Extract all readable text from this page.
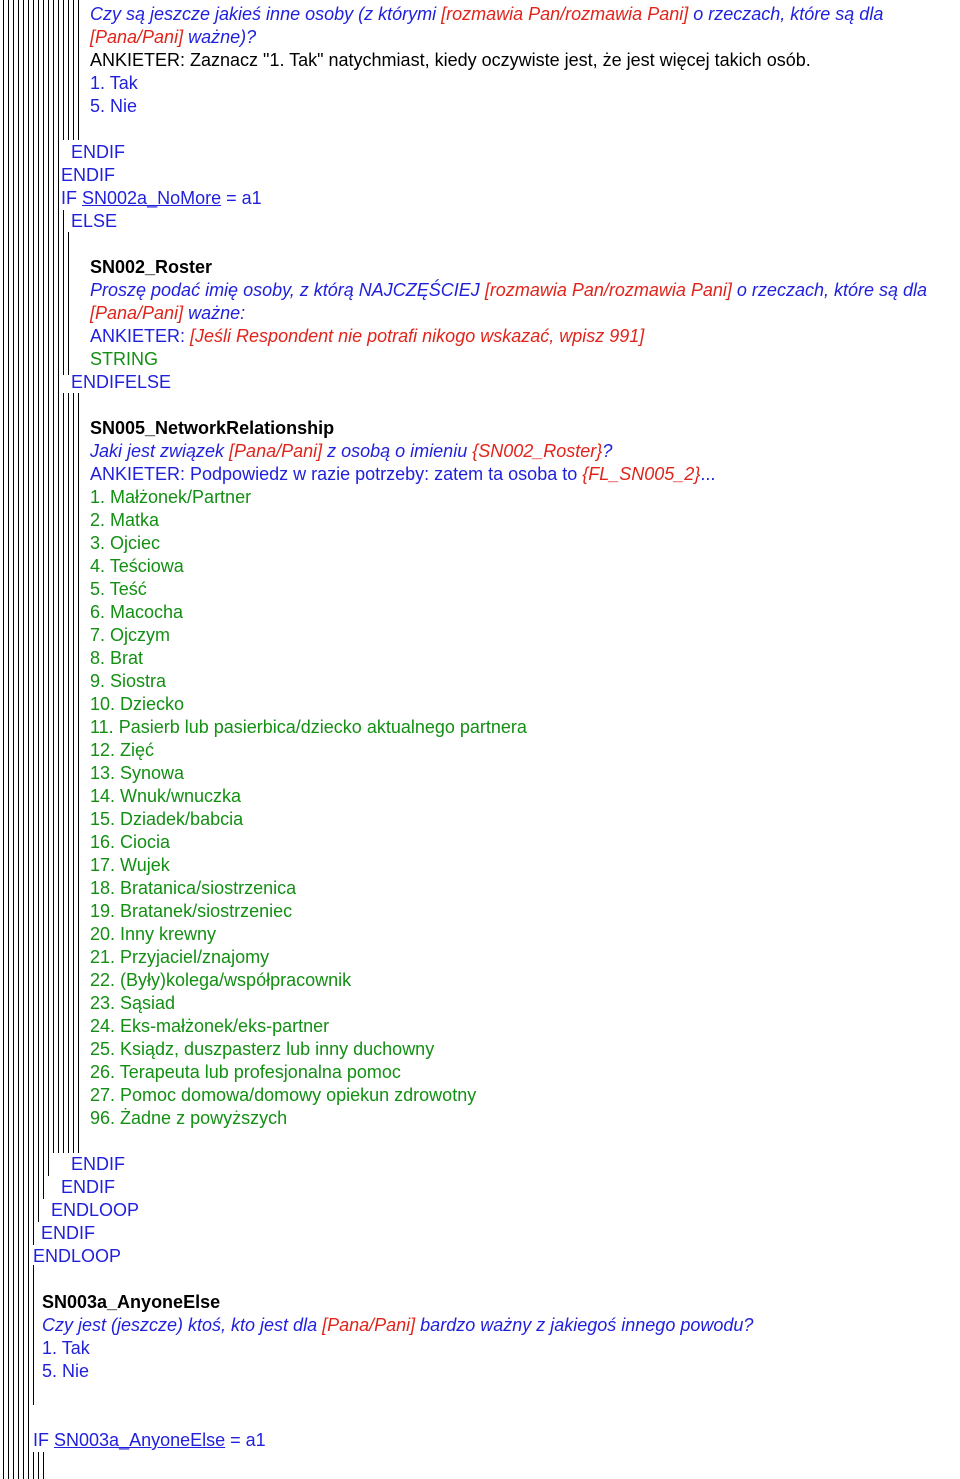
Czy są jeszcze jakieś inne osoby (z którymi [rozmawia Pan/rozmawia Pani] o rzeczach, które są dla
[Pana/Pani] ważne)?
ANKIETER: Zaznacz "1. Tak" natychmiast, kiedy oczywiste jest, że jest więcej takich osób.
1. Tak
5. Nie
ENDIF
ENDIF
IF SN002a_NoMore = a1
ELSE
SN002_Roster
Proszę podać imię osoby, z którą NAJCZĘŚCIEJ [rozmawia Pan/rozmawia Pani] o rzeczach, które są dla
[Pana/Pani] ważne:
ANKIETER: [Jeśli Respondent nie potrafi nikogo wskazać, wpisz 991]
STRING
ENDIFELSE
SN005_NetworkRelationship
Jaki jest związek [Pana/Pani] z osobą o imieniu {SN002_Roster}?
ANKIETER: Podpowiedz w razie potrzeby: zatem ta osoba to {FL_SN005_2}...
1. Małżonek/Partner
2. Matka
3. Ojciec
4. Teściowa
5. Teść
6. Macocha
7. Ojczym
8. Brat
9. Siostra
10. Dziecko
11. Pasierb lub pasierbica/dziecko aktualnego partnera
12. Zięć
13. Synowa
14. Wnuk/wnuczka
15. Dziadek/babcia
16. Ciocia
17. Wujek
18. Bratanica/siostrzenica
19. Bratanek/siostrzeniec
20. Inny krewny
21. Przyjaciel/znajomy
22. (Były)kolega/współpracownik
23. Sąsiad
24. Eks-małżonek/eks-partner
25. Ksiądz, duszpasterz lub inny duchowny
26. Terapeuta lub profesjonalna pomoc
27. Pomoc domowa/domowy opiekun zdrowotny
96. Żadne z powyższych
ENDIF
ENDIF
ENDLOOP
ENDIF
ENDLOOP
SN003a_AnyoneElse
Czy jest (jeszcze) ktoś, kto jest dla [Pana/Pani] bardzo ważny z jakiegoś innego powodu?
1. Tak
5. Nie
IF SN003a_AnyoneElse = a1
